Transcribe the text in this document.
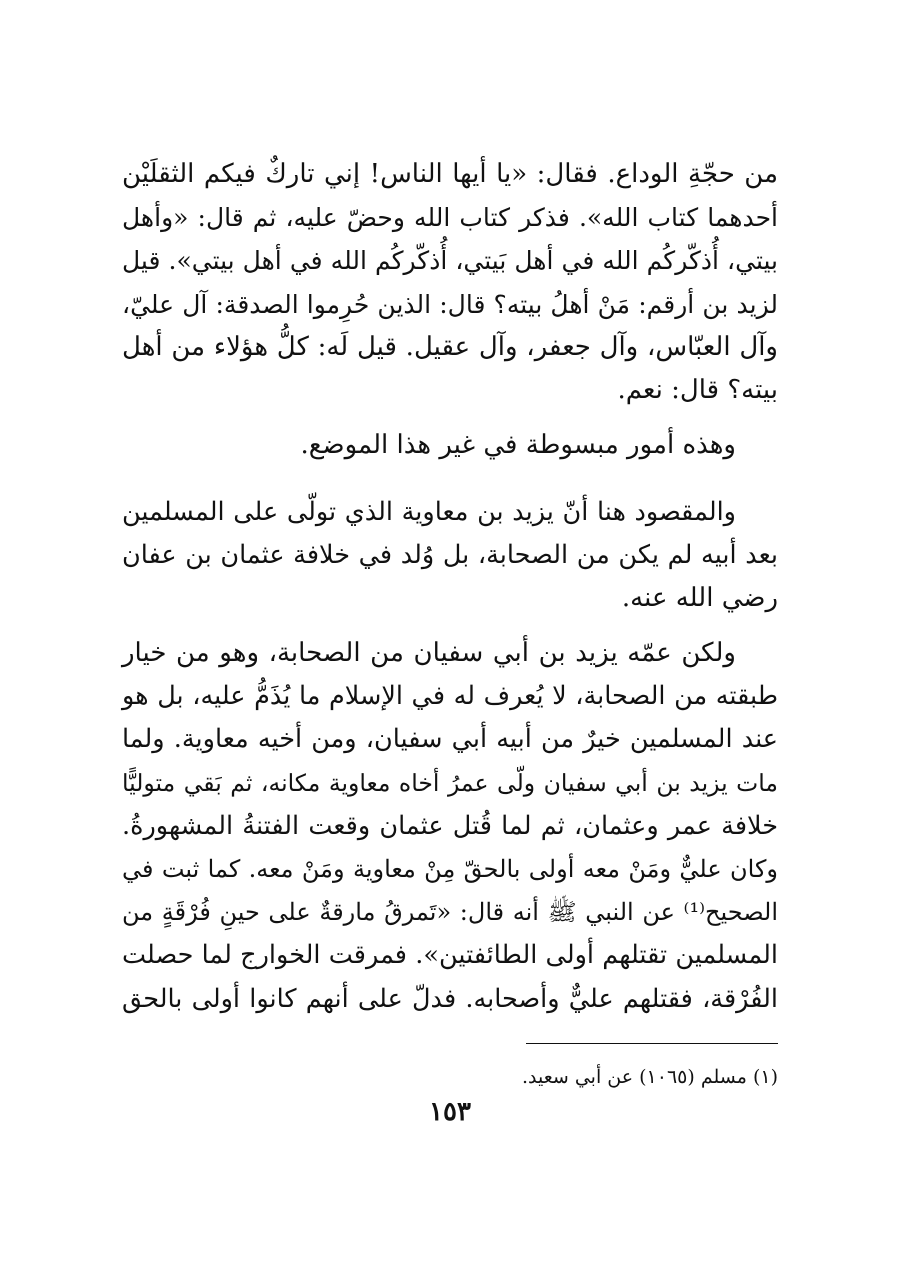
من حجّةِ الوداع. فقال: «يا أيها الناس! إني تاركٌ فيكم الثقلَيْن
أحدهما كتاب الله». فذكر كتاب الله وحضّ عليه، ثم قال: «وأهل
بيتي، أُذكّركُم الله في أهل بَيتي، أُذكّركُم الله في أهل بيتي». قيل
لزيد بن أرقم: مَنْ أهلُ بيته؟ قال: الذين حُرِموا الصدقة: آل عليّ،
وآل العبّاس، وآل جعفر، وآل عقيل. قيل لَه: كلُّ هؤلاء من أهل
بيته؟ قال: نعم.

وهذه أمور مبسوطة في غير هذا الموضع.

والمقصود هنا أنّ يزيد بن معاوية الذي تولّى على المسلمين
بعد أبيه لم يكن من الصحابة، بل وُلد في خلافة عثمان بن عفان
رضي الله عنه.

ولكن عمّه يزيد بن أبي سفيان من الصحابة، وهو من خيار
طبقته من الصحابة، لا يُعرف له في الإسلام ما يُذَمُّ عليه، بل هو
عند المسلمين خيرٌ من أبيه أبي سفيان، ومن أخيه معاوية. ولما
مات يزيد بن أبي سفيان ولّى عمرُ أخاه معاوية مكانه، ثم بَقي متوليًّا
خلافة عمر وعثمان، ثم لما قُتل عثمان وقعت الفتنةُ المشهورةُ.
وكان عليٌّ ومَنْ معه أولى بالحقّ مِنْ معاوية ومَنْ معه. كما ثبت في
الصحيح⁽¹⁾ عن النبي ﷺ أنه قال: «تَمرقُ مارقةٌ على حينِ فُرْقَةٍ من
المسلمين تقتلهم أولى الطائفتين». فمرقت الخوارج لما حصلت
الفُرْقة، فقتلهم عليٌّ وأصحابه. فدلّ على أنهم كانوا أولى بالحق

(١) مسلم (١٠٦٥) عن أبي سعيد.
١٥٣
